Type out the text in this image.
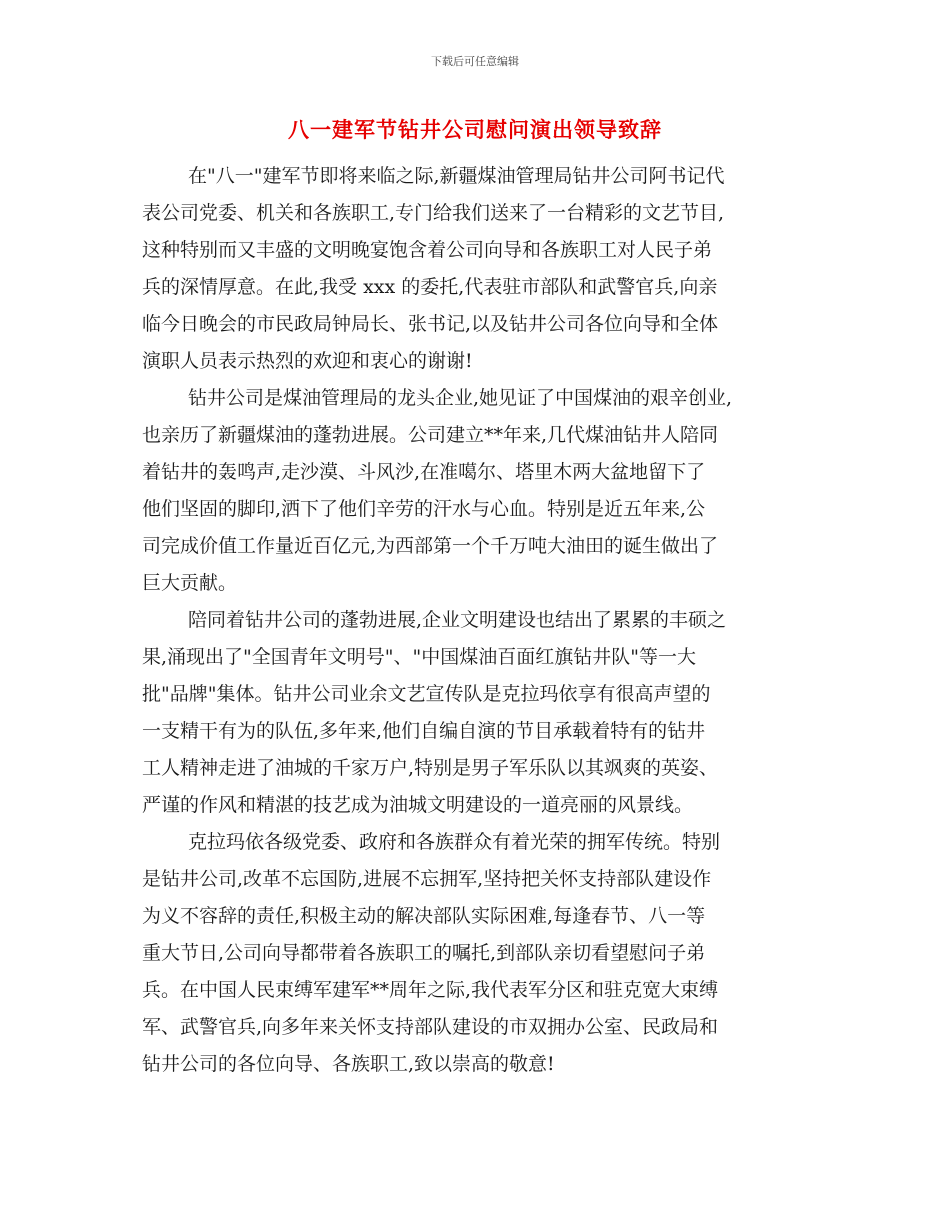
下载后可任意编辑
八一建军节钻井公司慰问演出领导致辞
在"八一"建军节即将来临之际,新疆煤油管理局钻井公司阿书记代
表公司党委、机关和各族职工,专门给我们送来了一台精彩的文艺节目,
这种特别而又丰盛的文明晚宴饱含着公司向导和各族职工对人民子弟
兵的深情厚意。在此,我受 xxx 的委托,代表驻市部队和武警官兵,向亲
临今日晚会的市民政局钟局长、张书记,以及钻井公司各位向导和全体
演职人员表示热烈的欢迎和衷心的谢谢!
钻井公司是煤油管理局的龙头企业,她见证了中国煤油的艰辛创业,
也亲历了新疆煤油的蓬勃进展。公司建立**年来,几代煤油钻井人陪同
着钻井的轰鸣声,走沙漠、斗风沙,在准噶尔、塔里木两大盆地留下了
他们坚固的脚印,洒下了他们辛劳的汗水与心血。特别是近五年来,公
司完成价值工作量近百亿元,为西部第一个千万吨大油田的诞生做出了
巨大贡献。
陪同着钻井公司的蓬勃进展,企业文明建设也结出了累累的丰硕之
果,涌现出了"全国青年文明号"、"中国煤油百面红旗钻井队"等一大
批"品牌"集体。钻井公司业余文艺宣传队是克拉玛依享有很高声望的
一支精干有为的队伍,多年来,他们自编自演的节目承载着特有的钻井
工人精神走进了油城的千家万户,特别是男子军乐队以其飒爽的英姿、
严谨的作风和精湛的技艺成为油城文明建设的一道亮丽的风景线。
克拉玛依各级党委、政府和各族群众有着光荣的拥军传统。特别
是钻井公司,改革不忘国防,进展不忘拥军,坚持把关怀支持部队建设作
为义不容辞的责任,积极主动的解决部队实际困难,每逢春节、八一等
重大节日,公司向导都带着各族职工的嘱托,到部队亲切看望慰问子弟
兵。在中国人民束缚军建军**周年之际,我代表军分区和驻克宽大束缚
军、武警官兵,向多年来关怀支持部队建设的市双拥办公室、民政局和
钻井公司的各位向导、各族职工,致以崇高的敬意!
